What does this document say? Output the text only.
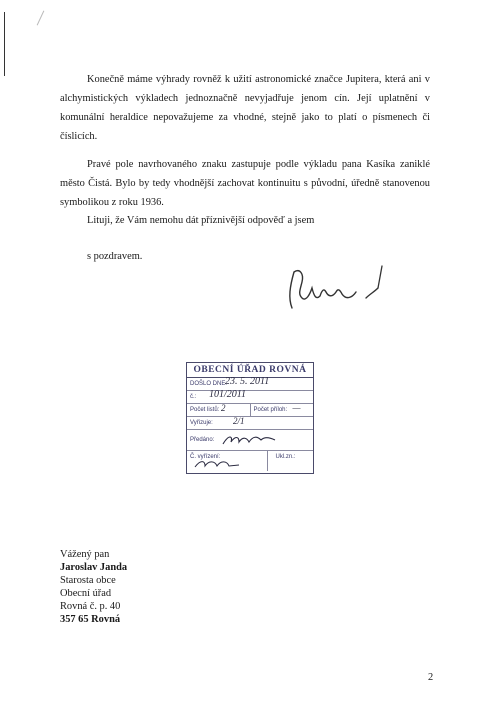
Konečně máme výhrady rovněž k užití astronomické značce Jupitera, která ani v alchymistických výkladech jednoznačně nevyjadřuje jenom cín. Její uplatnění v komunální heraldice nepovažujeme za vhodné, stejně jako to platí o písmenech či číslicích.

Pravé pole navrhovaného znaku zastupuje podle výkladu pana Kasíka zaniklé město Čistá. Bylo by tedy vhodnější zachovat kontinuitu s původní, úředně stanovenou symbolikou z roku 1936.

Lituji, že Vám nemohu dát příznivější odpověď a jsem

s pozdravem.

OBECNÍ ÚŘAD ROVNÁ
DOŠLO DNE:
23. 5. 2011
č.: 101/2011
Počet listů: 2	Počet příloh: —
Vyřizuje: 2/1
Předáno:
Č. vyřízení:	Ukl.zn.:
Vážený pan
Jaroslav Janda
Starosta obce
Obecní úřad
Rovná č. p. 40
357 65 Rovná
2
